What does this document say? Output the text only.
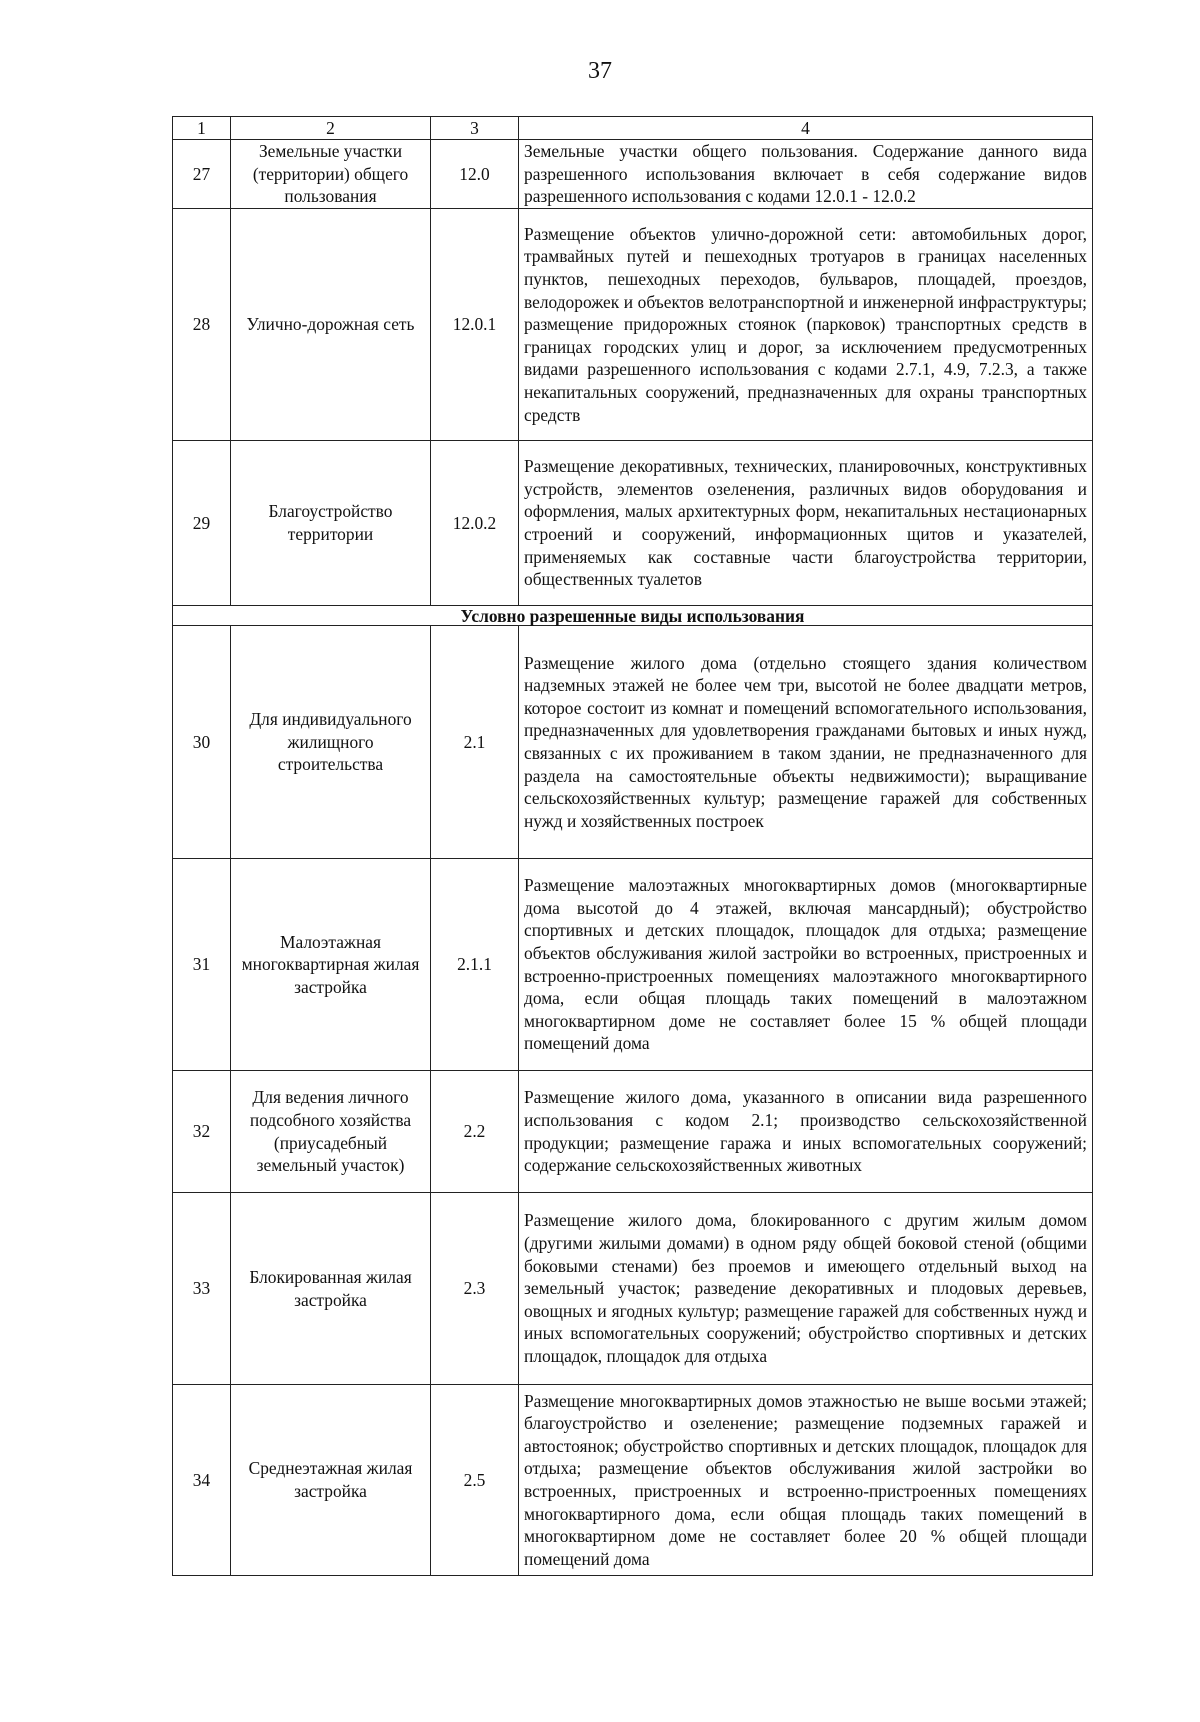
37
1	2	3	4
27	Земельные участки (территории) общего пользования	12.0	Земельные участки общего пользования. Содержание данного вида разрешенного использования включает в себя содержание видов разрешенного использования с кодами 12.0.1 - 12.0.2
28	Улично-дорожная сеть	12.0.1	Размещение объектов улично-дорожной сети: автомобильных дорог, трамвайных путей и пешеходных тротуаров в границах населенных пунктов, пешеходных переходов, бульваров, площадей, проездов, велодорожек и объектов велотранспортной и инженерной инфраструктуры; размещение придорожных стоянок (парковок) транспортных средств в границах городских улиц и дорог, за исключением предусмотренных видами разрешенного использования с кодами 2.7.1, 4.9, 7.2.3, а также некапитальных сооружений, предназначенных для охраны транспортных средств
29	Благоустройство территории	12.0.2	Размещение декоративных, технических, планировочных, конструктивных устройств, элементов озеленения, различных видов оборудования и оформления, малых архитектурных форм, некапитальных нестационарных строений и сооружений, информационных щитов и указателей, применяемых как составные части благоустройства территории, общественных туалетов
Условно разрешенные виды использования			
30	Для индивидуального жилищного строительства	2.1	Размещение жилого дома (отдельно стоящего здания количеством надземных этажей не более чем три, высотой не более двадцати метров, которое состоит из комнат и помещений вспомогательного использования, предназначенных для удовлетворения гражданами бытовых и иных нужд, связанных с их проживанием в таком здании, не предназначенного для раздела на самостоятельные объекты недвижимости); выращивание сельскохозяйственных культур; размещение гаражей для собственных нужд и хозяйственных построек
31	Малоэтажная многоквартирная жилая застройка	2.1.1	Размещение малоэтажных многоквартирных домов (многоквартирные дома высотой до 4 этажей, включая мансардный); обустройство спортивных и детских площадок, площадок для отдыха; размещение объектов обслуживания жилой застройки во встроенных, пристроенных и встроенно-пристроенных помещениях малоэтажного многоквартирного дома, если общая площадь таких помещений в малоэтажном многоквартирном доме не составляет более 15 % общей площади помещений дома
32	Для ведения личного подсобного хозяйства (приусадебный земельный участок)	2.2	Размещение жилого дома, указанного в описании вида разрешенного использования с кодом 2.1; производство сельскохозяйственной продукции; размещение гаража и иных вспомогательных сооружений; содержание сельскохозяйственных животных
33	Блокированная жилая застройка	2.3	Размещение жилого дома, блокированного с другим жилым домом (другими жилыми домами) в одном ряду общей боковой стеной (общими боковыми стенами) без проемов и имеющего отдельный выход на земельный участок; разведение декоративных и плодовых деревьев, овощных и ягодных культур; размещение гаражей для собственных нужд и иных вспомогательных сооружений; обустройство спортивных и детских площадок, площадок для отдыха
34	Среднеэтажная жилая застройка	2.5	Размещение многоквартирных домов этажностью не выше восьми этажей; благоустройство и озеленение; размещение подземных гаражей и автостоянок; обустройство спортивных и детских площадок, площадок для отдыха; размещение объектов обслуживания жилой застройки во встроенных, пристроенных и встроенно-пристроенных помещениях многоквартирного дома, если общая площадь таких помещений в многоквартирном доме не составляет более 20 % общей площади помещений дома
